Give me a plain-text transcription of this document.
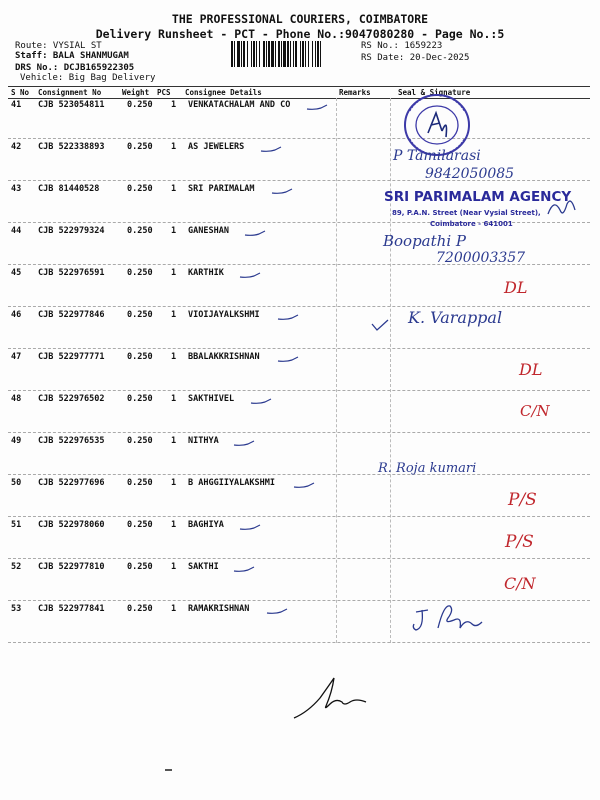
THE PROFESSIONAL COURIERS, COIMBATORE
Delivery Runsheet - PCT - Phone No.:9047080280 - Page No.:5
Route: VYSIAL ST
Staff: BALA SHANMUGAM
DRS No.: DCJB165922305
Vehicle: Big Bag Delivery
RS No.: 1659223
RS Date: 20-Dec-2025
S No Consignment No	Weight PCS Consignee Details	Remarks	Seal & Signature
41 CJB 523054811	0.250 1 VENKATACHALAM AND CO
42 CJB 522338893	0.250 1 AS JEWELERS
43 CJB 81440528	0.250 1 SRI PARIMALAM
44 CJB 522979324	0.250 1 GANESHAN
45 CJB 522976591	0.250 1 KARTHIK
46 CJB 522977846	0.250 1 VIOIJAYALKSHMI
47 CJB 522977771	0.250 1 BBALAKKRISHNAN
48 CJB 522976502	0.250 1 SAKTHIVEL
49 CJB 522976535	0.250 1 NITHYA
50 CJB 522977696	0.250 1 B AHGGIIYALAKSHMI
51 CJB 522978060	0.250 1 BAGHIYA
52 CJB 522977810	0.250 1 SAKTHI
53 CJB 522977841	0.250 1 RAMAKRISHNAN
P Tamilarasi
9842050085
SRI PARIMALAM AGENCY
89, P.A.N. Street (Near Vysial Street),
Coimbatore - 641001
Boopathi P
7200003357
DL
K. Varappal
DL
C/N
R. Roja kumari
P/S
P/S
C/N
